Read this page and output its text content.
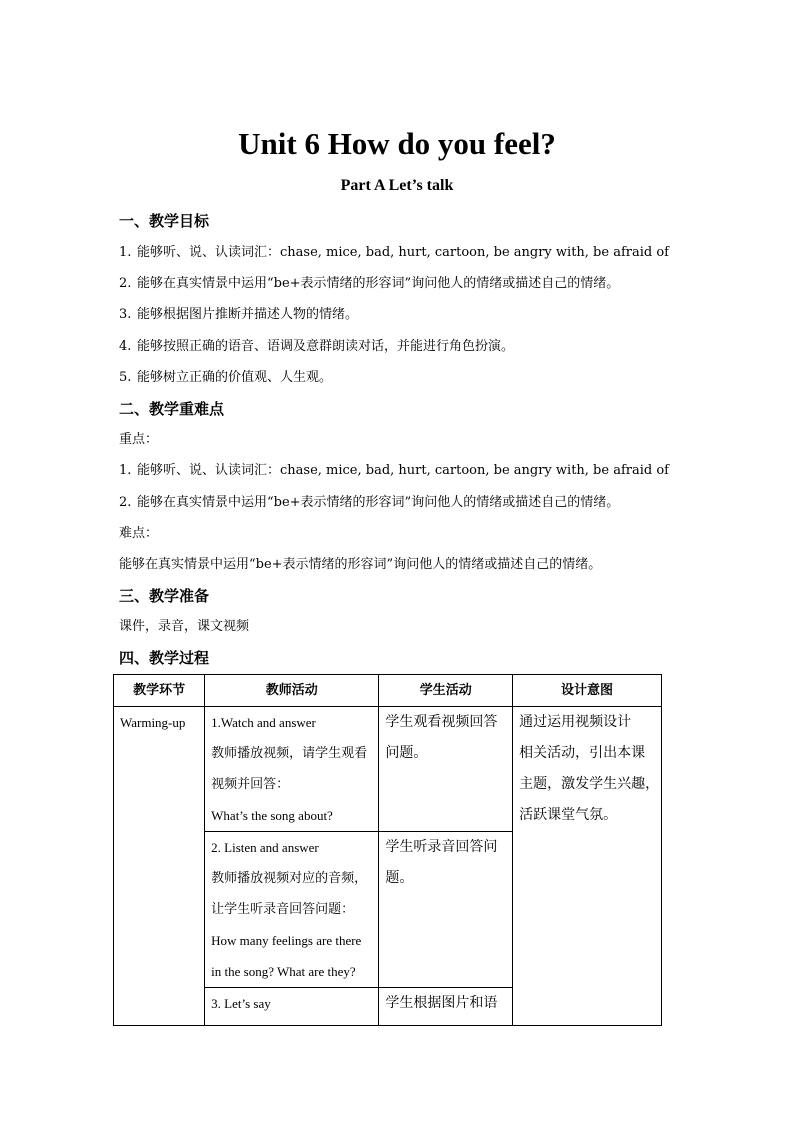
Unit 6 How do you feel?
Part A Let’s talk
一、教学目标
1. 能够听、说、认读词汇：chase, mice, bad, hurt, cartoon, be angry with, be afraid of
2. 能够在真实情景中运用“be+表示情绪的形容词”询问他人的情绪或描述自己的情绪。
3. 能够根据图片推断并描述人物的情绪。
4. 能够按照正确的语音、语调及意群朗读对话，并能进行角色扮演。
5. 能够树立正确的价值观、人生观。
二、教学重难点
重点：
1. 能够听、说、认读词汇：chase, mice, bad, hurt, cartoon, be angry with, be afraid of
2. 能够在真实情景中运用“be+表示情绪的形容词”询问他人的情绪或描述自己的情绪。
难点：
能够在真实情景中运用“be+表示情绪的形容词”询问他人的情绪或描述自己的情绪。
三、教学准备
课件，录音，课文视频
四、教学过程
教学环节	教师活动	学生活动	设计意图
Warming-up	1.Watch and answer
教师播放视频，请学生观看
视频并回答：
What’s the song about?	学生观看视频回答
问题。	通过运用视频设计
相关活动，引出本课
主题，激发学生兴趣，
活跃课堂气氛。

	2. Listen and answer
教师播放视频对应的音频，
让学生听录音回答问题：
How many feelings are there
in the song? What are they?	学生听录音回答问
题。	

	3. Let’s say	学生根据图片和语	
